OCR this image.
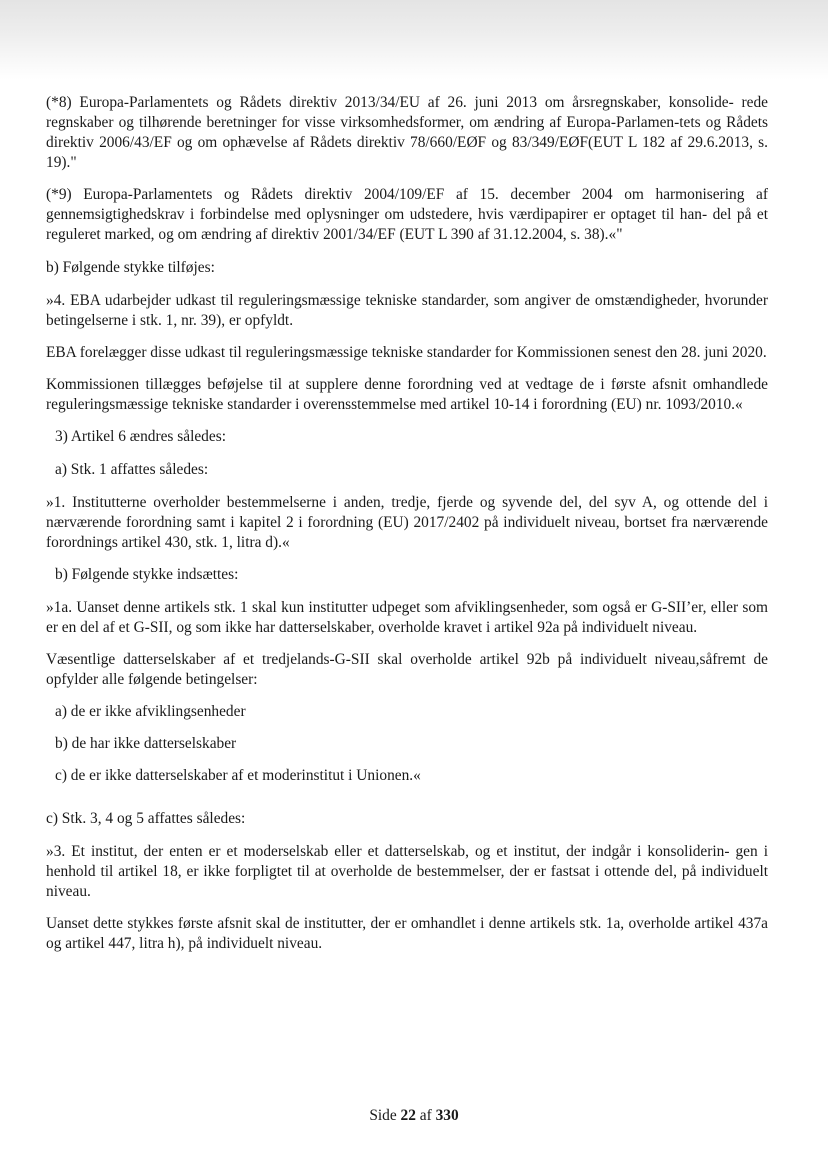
(*8) Europa-Parlamentets og Rådets direktiv 2013/34/EU af 26. juni 2013 om årsregnskaber, konsolide- rede regnskaber og tilhørende beretninger for visse virksomhedsformer, om ændring af Europa-Parlamen-tets og Rådets direktiv 2006/43/EF og om ophævelse af Rådets direktiv 78/660/EØF og 83/349/EØF(EUT L 182 af 29.6.2013, s. 19)."

(*9) Europa-Parlamentets og Rådets direktiv 2004/109/EF af 15. december 2004 om harmonisering af gennemsigtighedskrav i forbindelse med oplysninger om udstedere, hvis værdipapirer er optaget til han- del på et reguleret marked, og om ændring af direktiv 2001/34/EF (EUT L 390 af 31.12.2004, s. 38).«"

b) Følgende stykke tilføjes:

»4. EBA udarbejder udkast til reguleringsmæssige tekniske standarder, som angiver de omstændigheder, hvorunder betingelserne i stk. 1, nr. 39), er opfyldt.

EBA forelægger disse udkast til reguleringsmæssige tekniske standarder for Kommissionen senest den 28. juni 2020.

Kommissionen tillægges beføjelse til at supplere denne forordning ved at vedtage de i første afsnit omhandlede reguleringsmæssige tekniske standarder i overensstemmelse med artikel 10-14 i forordning (EU) nr. 1093/2010.«

3) Artikel 6 ændres således:

a) Stk. 1 affattes således:

»1. Institutterne overholder bestemmelserne i anden, tredje, fjerde og syvende del, del syv A, og ottende del i nærværende forordning samt i kapitel 2 i forordning (EU) 2017/2402 på individuelt niveau, bortset fra nærværende forordnings artikel 430, stk. 1, litra d).«

b) Følgende stykke indsættes:

»1a. Uanset denne artikels stk. 1 skal kun institutter udpeget som afviklingsenheder, som også er G-SII’er, eller som er en del af et G-SII, og som ikke har datterselskaber, overholde kravet i artikel 92a på individuelt niveau.

Væsentlige datterselskaber af et tredjelands-G-SII skal overholde artikel 92b på individuelt niveau,såfremt de opfylder alle følgende betingelser:

a) de er ikke afviklingsenheder

b) de har ikke datterselskaber

c) de er ikke datterselskaber af et moderinstitut i Unionen.«

c) Stk. 3, 4 og 5 affattes således:

»3. Et institut, der enten er et moderselskab eller et datterselskab, og et institut, der indgår i konsoliderin- gen i henhold til artikel 18, er ikke forpligtet til at overholde de bestemmelser, der er fastsat i ottende del, på individuelt niveau.

Uanset dette stykkes første afsnit skal de institutter, der er omhandlet i denne artikels stk. 1a, overholde artikel 437a og artikel 447, litra h), på individuelt niveau.

Side 22 af 330
